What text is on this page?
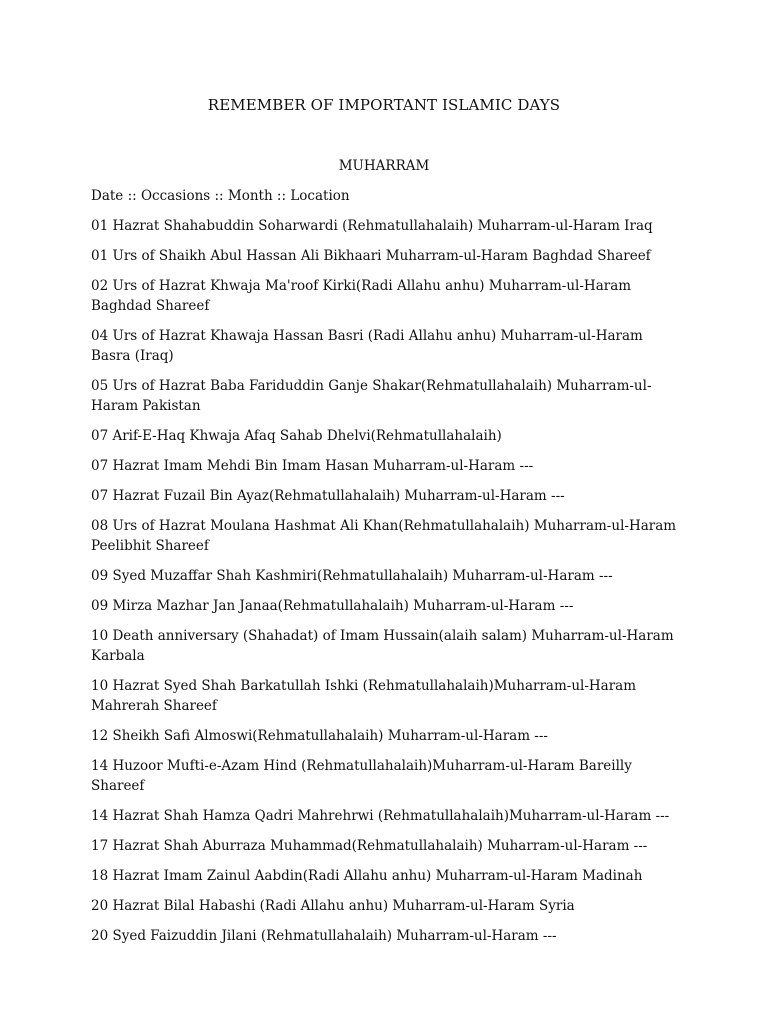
REMEMBER OF IMPORTANT ISLAMIC DAYS
MUHARRAM
Date :: Occasions :: Month :: Location
01 Hazrat Shahabuddin Soharwardi (Rehmatullahalaih) Muharram-ul-Haram Iraq
01 Urs of Shaikh Abul Hassan Ali Bikhaari Muharram-ul-Haram Baghdad Shareef
02 Urs of Hazrat Khwaja Ma'roof Kirki(Radi Allahu anhu) Muharram-ul-Haram Baghdad Shareef
04 Urs of Hazrat Khawaja Hassan Basri (Radi Allahu anhu) Muharram-ul-Haram Basra (Iraq)
05 Urs of Hazrat Baba Fariduddin Ganje Shakar(Rehmatullahalaih) Muharram-ul-Haram Pakistan
07 Arif-E-Haq Khwaja Afaq Sahab Dhelvi(Rehmatullahalaih)
07 Hazrat Imam Mehdi Bin Imam Hasan Muharram-ul-Haram ---
07 Hazrat Fuzail Bin Ayaz(Rehmatullahalaih) Muharram-ul-Haram ---
08 Urs of Hazrat Moulana Hashmat Ali Khan(Rehmatullahalaih) Muharram-ul-Haram Peelibhit Shareef
09 Syed Muzaffar Shah Kashmiri(Rehmatullahalaih) Muharram-ul-Haram ---
09 Mirza Mazhar Jan Janaa(Rehmatullahalaih) Muharram-ul-Haram ---
10 Death anniversary (Shahadat) of Imam Hussain(alaih salam) Muharram-ul-Haram Karbala
10 Hazrat Syed Shah Barkatullah Ishki (Rehmatullahalaih)Muharram-ul-Haram Mahrerah Shareef
12 Sheikh Safi Almoswi(Rehmatullahalaih) Muharram-ul-Haram ---
14 Huzoor Mufti-e-Azam Hind (Rehmatullahalaih)Muharram-ul-Haram Bareilly Shareef
14 Hazrat Shah Hamza Qadri Mahrehrwi (Rehmatullahalaih)Muharram-ul-Haram ---
17 Hazrat Shah Aburraza Muhammad(Rehmatullahalaih) Muharram-ul-Haram ---
18 Hazrat Imam Zainul Aabdin(Radi Allahu anhu) Muharram-ul-Haram Madinah
20 Hazrat Bilal Habashi (Radi Allahu anhu) Muharram-ul-Haram Syria
20 Syed Faizuddin Jilani (Rehmatullahalaih) Muharram-ul-Haram ---
